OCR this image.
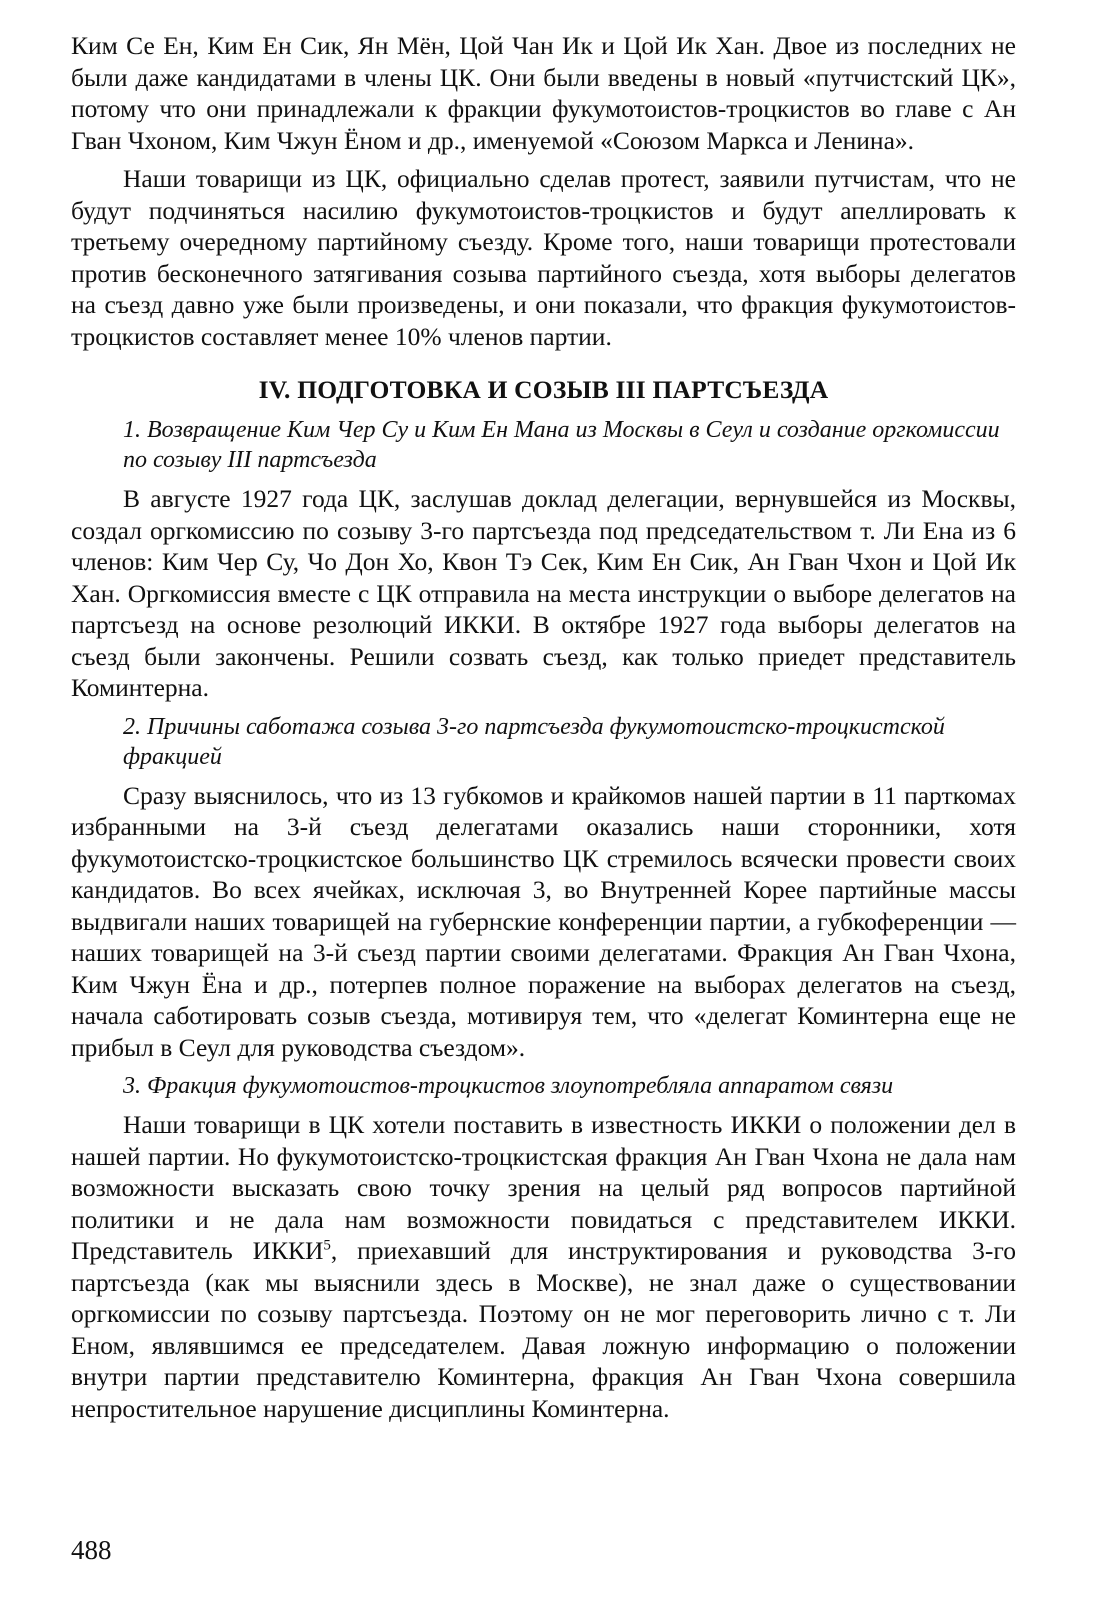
Ким Се Ен, Ким Ен Сик, Ян Мён, Цой Чан Ик и Цой Ик Хан. Двое из последних не были даже кандидатами в члены ЦК. Они были введены в новый «путчистский ЦК», потому что они принадлежали к фракции фукумотоистов-троцкистов во главе с Ан Гван Чхоном, Ким Чжун Ёном и др., именуемой «Союзом Маркса и Ленина».

Наши товарищи из ЦК, официально сделав протест, заявили путчистам, что не будут подчиняться насилию фукумотоистов-троцкистов и будут апеллировать к третьему очередному партийному съезду. Кроме того, наши товарищи протестовали против бесконечного затягивания созыва партийного съезда, хотя выборы делегатов на съезд давно уже были произведены, и они показали, что фракция фукумотоистов-троцкистов составляет менее 10% членов партии.

IV. ПОДГОТОВКА И СОЗЫВ III ПАРТСЪЕЗДА
1. Возвращение Ким Чер Су и Ким Ен Мана из Москвы в Сеул и создание оргкомиссии по созыву III партсъезда

В августе 1927 года ЦК, заслушав доклад делегации, вернувшейся из Москвы, создал оргкомиссию по созыву 3-го партсъезда под председательством т. Ли Ена из 6 членов: Ким Чер Су, Чо Дон Хо, Квон Тэ Сек, Ким Ен Сик, Ан Гван Чхон и Цой Ик Хан. Оргкомиссия вместе с ЦК отправила на места инструкции о выборе делегатов на партсъезд на основе резолюций ИККИ. В октябре 1927 года выборы делегатов на съезд были закончены. Решили созвать съезд, как только приедет представитель Коминтерна.

2. Причины саботажа созыва 3-го партсъезда фукумотоистско-троцкистской фракцией

Сразу выяснилось, что из 13 губкомов и крайкомов нашей партии в 11 парткомах избранными на 3-й съезд делегатами оказались наши сторонники, хотя фукумотоистско-троцкистское большинство ЦК стремилось всячески провести своих кандидатов. Во всех ячейках, исключая 3, во Внутренней Корее партийные массы выдвигали наших товарищей на губернские конференции партии, а губкоференции — наших товарищей на 3-й съезд партии своими делегатами. Фракция Ан Гван Чхона, Ким Чжун Ёна и др., потерпев полное поражение на выборах делегатов на съезд, начала саботировать созыв съезда, мотивируя тем, что «делегат Коминтерна еще не прибыл в Сеул для руководства съездом».

3. Фракция фукумотоистов-троцкистов злоупотребляла аппаратом связи

Наши товарищи в ЦК хотели поставить в известность ИККИ о положении дел в нашей партии. Но фукумотоистско-троцкистская фракция Ан Гван Чхона не дала нам возможности высказать свою точку зрения на целый ряд вопросов партийной политики и не дала нам возможности повидаться с представителем ИККИ. Представитель ИККИ$^5$, приехавший для инструктирования и руководства 3-го партсъезда (как мы выяснили здесь в Москве), не знал даже о существовании оргкомиссии по созыву партсъезда. Поэтому он не мог переговорить лично с т. Ли Еном, являвшимся ее председателем. Давая ложную информацию о положении внутри партии представителю Коминтерна, фракция Ан Гван Чхона совершила непростительное нарушение дисциплины Коминтерна.

488
